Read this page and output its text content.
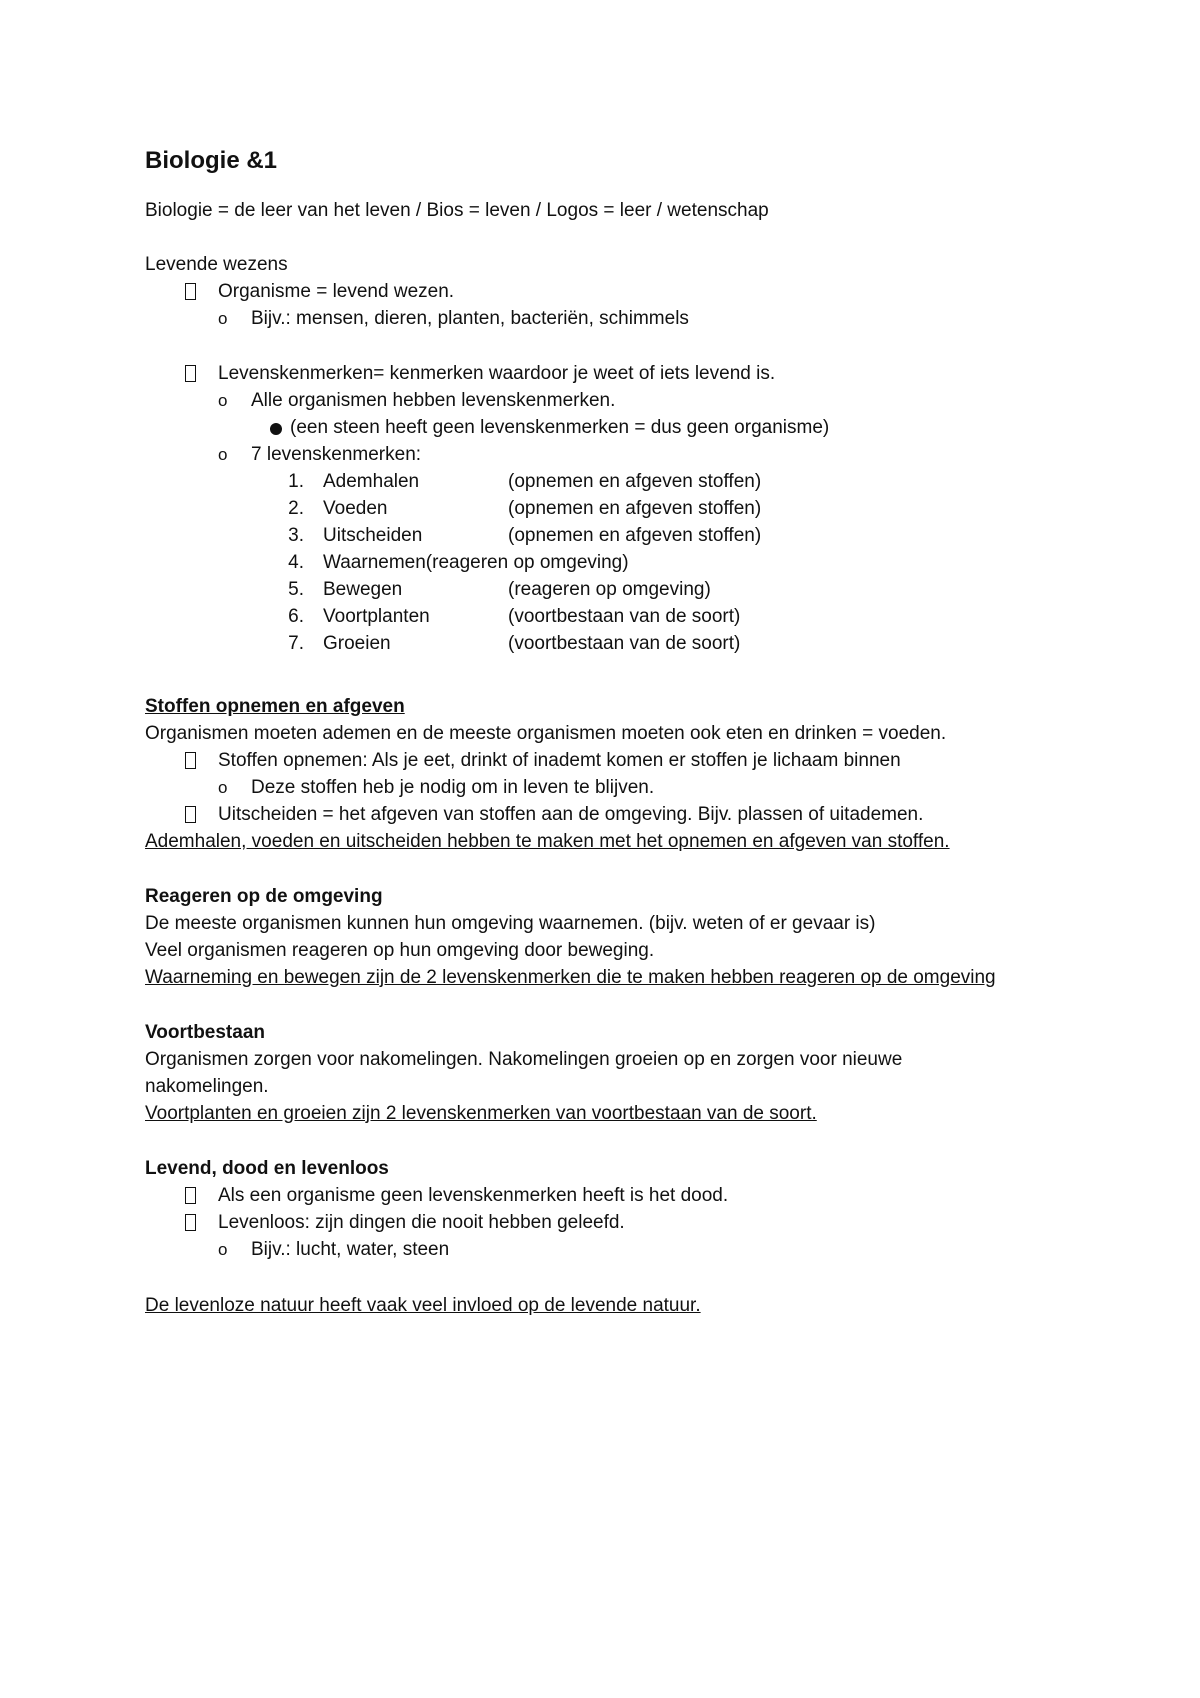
Biologie &1
Biologie = de leer van het leven / Bios = leven / Logos = leer / wetenschap
Levende wezens
Organisme = levend wezen.
o Bijv.: mensen, dieren, planten, bacteriën, schimmels
Levenskenmerken= kenmerken waardoor je weet of iets levend is.
o Alle organismen hebben levenskenmerken.
(een steen heeft geen levenskenmerken = dus geen organisme)
o 7 levenskenmerken:
1. Ademhalen	(opnemen en afgeven stoffen)
2. Voeden	(opnemen en afgeven stoffen)
3. Uitscheiden	(opnemen en afgeven stoffen)
4. Waarnemen(reageren op omgeving)
5. Bewegen	(reageren op omgeving)
6. Voortplanten	(voortbestaan van de soort)
7. Groeien	(voortbestaan van de soort)
Stoffen opnemen en afgeven
Organismen moeten ademen en de meeste organismen moeten ook eten en drinken = voeden.
Stoffen opnemen: Als je eet, drinkt of inademt komen er stoffen je lichaam binnen
o Deze stoffen heb je nodig om in leven te blijven.
Uitscheiden = het afgeven van stoffen aan de omgeving. Bijv. plassen of uitademen.
Ademhalen, voeden en uitscheiden hebben te maken met het opnemen en afgeven van stoffen.
Reageren op de omgeving
De meeste organismen kunnen hun omgeving waarnemen. (bijv. weten of er gevaar is)
Veel organismen reageren op hun omgeving door beweging.
Waarneming en bewegen zijn de 2 levenskenmerken die te maken hebben reageren op de omgeving
Voortbestaan
Organismen zorgen voor nakomelingen. Nakomelingen groeien op en zorgen voor nieuwe
nakomelingen.
Voortplanten en groeien zijn 2 levenskenmerken van voortbestaan van de soort.
Levend, dood en levenloos
Als een organisme geen levenskenmerken heeft is het dood.
Levenloos: zijn dingen die nooit hebben geleefd.
o Bijv.: lucht, water, steen
De levenloze natuur heeft vaak veel invloed op de levende natuur.
